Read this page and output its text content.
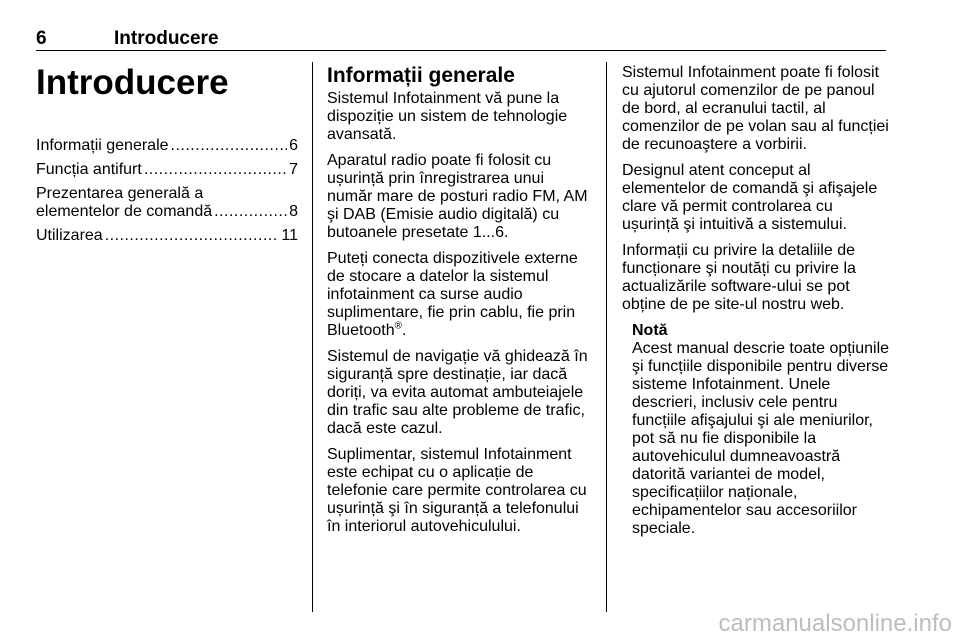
6	Introducere
Introducere
Informații generale .....	6
Funcția antifurt .....	7
Prezentarea generală a
elementelor de comandă .....	8
Utilizarea .....	11
Informații generale

Sistemul Infotainment vă pune la dispoziție un sistem de tehnologie avansată.

Aparatul radio poate fi folosit cu ușurință prin înregistrarea unui număr mare de posturi radio FM, AM şi DAB (Emisie audio digitală) cu butoanele presetate 1...6.

Puteți conecta dispozitivele externe de stocare a datelor la sistemul infotainment ca surse audio suplimentare, fie prin cablu, fie prin Bluetooth®.

Sistemul de navigație vă ghidează în siguranță spre destinație, iar dacă doriți, va evita automat ambuteiajele din trafic sau alte probleme de trafic, dacă este cazul.

Suplimentar, sistemul Infotainment este echipat cu o aplicație de telefonie care permite controlarea cu ușurință şi în siguranță a telefonului în interiorul autovehiculului.

Sistemul Infotainment poate fi folosit cu ajutorul comenzilor de pe panoul de bord, al ecranului tactil, al comenzilor de pe volan sau al funcției de recunoaştere a vorbirii.

Designul atent conceput al elementelor de comandă şi afişajele clare vă permit controlarea cu ușurință şi intuitivă a sistemului.

Informații cu privire la detaliile de funcționare şi noutăți cu privire la actualizările software-ului se pot obține de pe site-ul nostru web.

Notă
Acest manual descrie toate opțiunile şi funcțiile disponibile pentru diverse sisteme Infotainment. Unele descrieri, inclusiv cele pentru funcțiile afişajului şi ale meniurilor, pot să nu fie disponibile la autovehiculul dumneavoastră datorită variantei de model, specificațiilor naționale, echipamentelor sau accesoriilor speciale.
carmanualsonline.info
